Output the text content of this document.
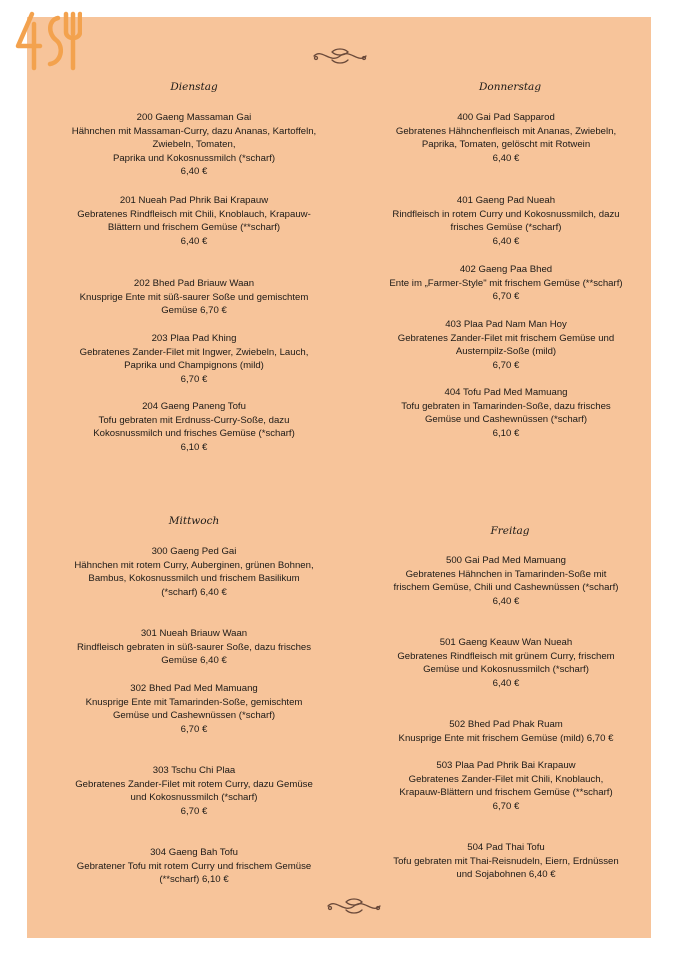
Dienstag	Donnerstag
Mittwoch
Freitag
200 Gaeng Massaman Gai
Hähnchen mit Massaman-Curry, dazu Ananas, Kartoffeln,
Zwiebeln, Tomaten,
Paprika und Kokosnussmilch (*scharf)
6,40 €
201 Nueah Pad Phrik Bai Krapauw
Gebratenes Rindfleisch mit Chili, Knoblauch, Krapauw-
Blättern und frischem Gemüse (**scharf)
6,40 €
202 Bhed Pad Briauw Waan
Knusprige Ente mit süß-saurer Soße und gemischtem
Gemüse 6,70 €
203 Plaa Pad Khing
Gebratenes Zander-Filet mit Ingwer, Zwiebeln, Lauch,
Paprika und Champignons (mild)
6,70 €
204 Gaeng Paneng Tofu
Tofu gebraten mit Erdnuss-Curry-Soße, dazu
Kokosnussmilch und frisches Gemüse (*scharf)
6,10 €
400 Gai Pad Sapparod
Gebratenes Hähnchenfleisch mit Ananas, Zwiebeln,
Paprika, Tomaten, gelöscht mit Rotwein
6,40 €
401 Gaeng Pad Nueah
Rindfleisch in rotem Curry und Kokosnussmilch, dazu
frisches Gemüse (*scharf)
6,40 €
402 Gaeng Paa Bhed
Ente im „Farmer-Style" mit frischem Gemüse (**scharf)
6,70 €
403 Plaa Pad Nam Man Hoy
Gebratenes Zander-Filet mit frischem Gemüse und
Austernpilz-Soße (mild)
6,70 €
404 Tofu Pad Med Mamuang
Tofu gebraten in Tamarinden-Soße, dazu frisches
Gemüse und Cashewnüssen (*scharf)
6,10 €
300 Gaeng Ped Gai
Hähnchen mit rotem Curry, Auberginen, grünen Bohnen,
Bambus, Kokosnussmilch und frischem Basilikum
(*scharf) 6,40 €
301 Nueah Briauw Waan
Rindfleisch gebraten in süß-saurer Soße, dazu frisches
Gemüse 6,40 €
302 Bhed Pad Med Mamuang
Knusprige Ente mit Tamarinden-Soße, gemischtem
Gemüse und Cashewnüssen (*scharf)
6,70 €
303 Tschu Chi Plaa
Gebratenes Zander-Filet mit rotem Curry, dazu Gemüse
und Kokosnussmilch (*scharf)
6,70 €
304 Gaeng Bah Tofu
Gebratener Tofu mit rotem Curry und frischem Gemüse
(**scharf) 6,10 €
500 Gai Pad Med Mamuang
Gebratenes Hähnchen in Tamarinden-Soße mit
frischem Gemüse, Chili und Cashewnüssen (*scharf)
6,40 €
501 Gaeng Keauw Wan Nueah
Gebratenes Rindfleisch mit grünem Curry, frischem
Gemüse und Kokosnussmilch (*scharf)
6,40 €
502 Bhed Pad Phak Ruam
Knusprige Ente mit frischem Gemüse (mild) 6,70 €
503 Plaa Pad Phrik Bai Krapauw
Gebratenes Zander-Filet mit Chili, Knoblauch,
Krapauw-Blättern und frischem Gemüse (**scharf)
6,70 €
504 Pad Thai Tofu
Tofu gebraten mit Thai-Reisnudeln, Eiern, Erdnüssen
und Sojabohnen 6,40 €
